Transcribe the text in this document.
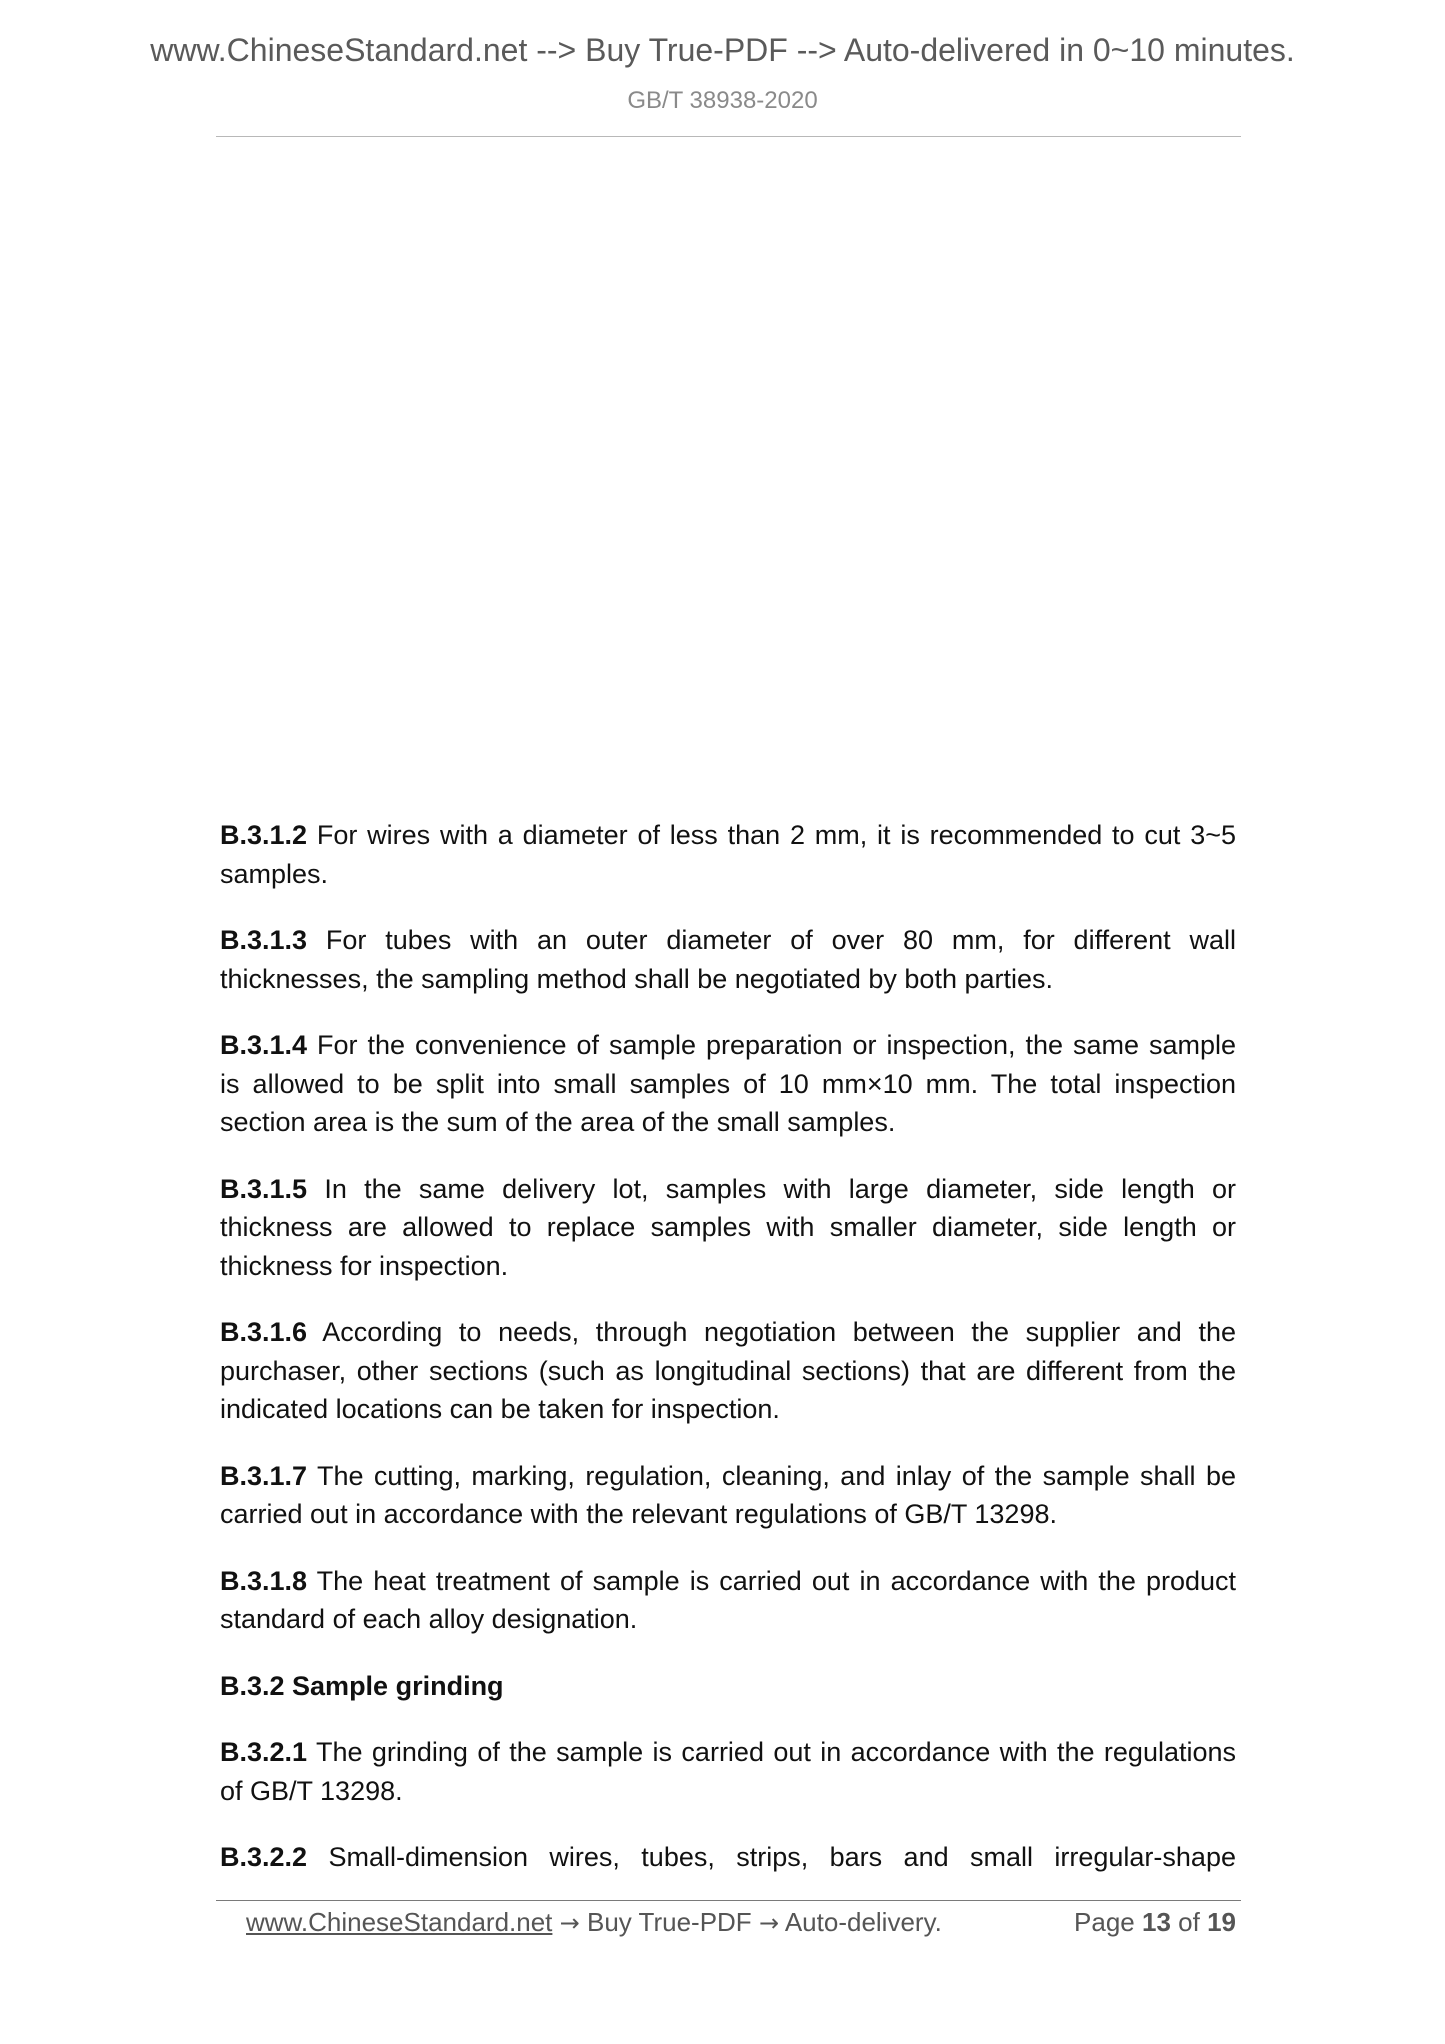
www.ChineseStandard.net --> Buy True-PDF --> Auto-delivered in 0~10 minutes.
GB/T 38938-2020

B.3.1.2 For wires with a diameter of less than 2 mm, it is recommended to cut 3~5 samples.

B.3.1.3 For tubes with an outer diameter of over 80 mm, for different wall thicknesses, the sampling method shall be negotiated by both parties.

B.3.1.4 For the convenience of sample preparation or inspection, the same sample is allowed to be split into small samples of 10 mm×10 mm. The total inspection section area is the sum of the area of the small samples.

B.3.1.5 In the same delivery lot, samples with large diameter, side length or thickness are allowed to replace samples with smaller diameter, side length or thickness for inspection.

B.3.1.6 According to needs, through negotiation between the supplier and the purchaser, other sections (such as longitudinal sections) that are different from the indicated locations can be taken for inspection.

B.3.1.7 The cutting, marking, regulation, cleaning, and inlay of the sample shall be carried out in accordance with the relevant regulations of GB/T 13298.

B.3.1.8 The heat treatment of sample is carried out in accordance with the product standard of each alloy designation.

B.3.2 Sample grinding

B.3.2.1 The grinding of the sample is carried out in accordance with the regulations of GB/T 13298.

B.3.2.2 Small-dimension wires, tubes, strips, bars and small irregular-shape

www.ChineseStandard.net → Buy True-PDF → Auto-delivery.	Page 13 of 19
